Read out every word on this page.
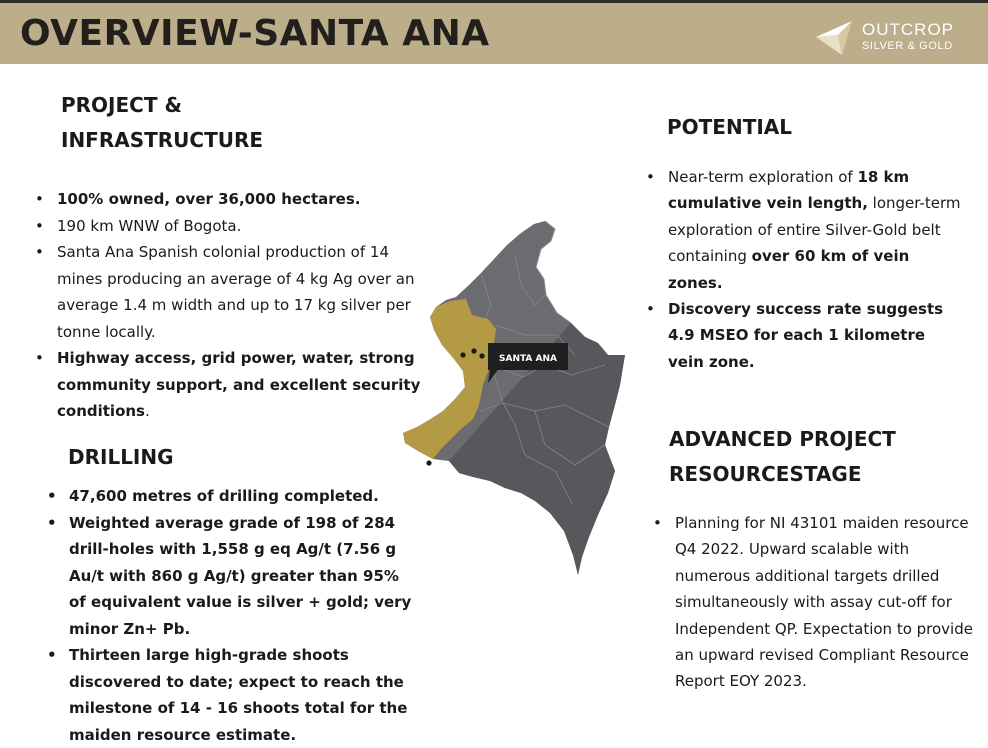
OVERVIEW-SANTA ANA	OUTCROP
SILVER & GOLD
PROJECT &
INFRASTRUCTURE
• 100% owned, over 36,000 hectares.
• 190 km WNW of Bogota.
• Santa Ana Spanish colonial production of 14 mines producing an average of 4 kg Ag over an average 1.4 m width and up to 17 kg silver per tonne locally.
• Highway access, grid power, water, strong community support, and excellent security conditions.
DRILLING
• 47,600 metres of drilling completed.
• Weighted average grade of 198 of 284 drill-holes with 1,558 g eq Ag/t (7.56 g Au/t with 860 g Ag/t) greater than 95% of equivalent value is silver + gold; very minor Zn+ Pb.
• Thirteen large high-grade shoots discovered to date; expect to reach the milestone of 14 - 16 shoots total for the maiden resource estimate.
SANTA ANA
POTENTIAL
• Near-term exploration of 18 km cumulative vein length, longer-term exploration of entire Silver-Gold belt containing over 60 km of vein zones.
• Discovery success rate suggests 4.9 MSEO for each 1 kilometre vein zone.
ADVANCED PROJECT
RESOURCESTAGE
• Planning for NI 43101 maiden resource Q4 2022. Upward scalable with numerous additional targets drilled simultaneously with assay cut-off for Independent QP. Expectation to provide an upward revised Compliant Resource Report EOY 2023.
